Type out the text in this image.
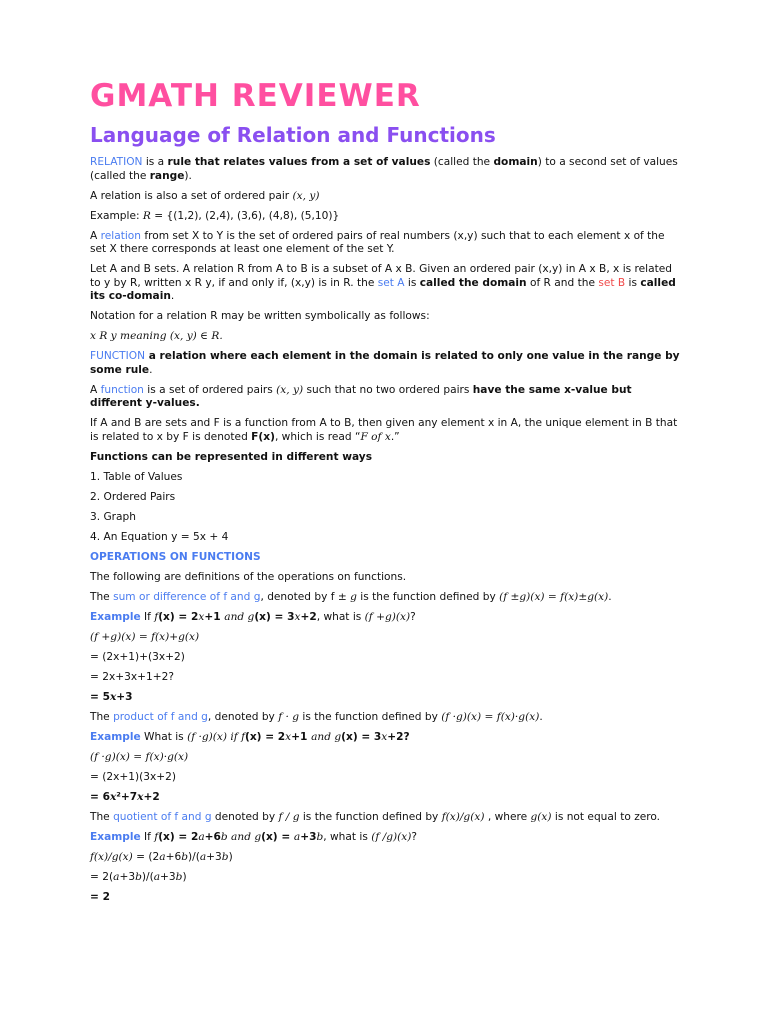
GMATH REVIEWER
Language of Relation and Functions

RELATION is a rule that relates values from a set of values (called the domain) to a second set of values (called the range).

A relation is also a set of ordered pair (x, y)

Example: R = {(1,2), (2,4), (3,6), (4,8), (5,10)}

A relation from set X to Y is the set of ordered pairs of real numbers (x,y) such that to each element x of the set X there corresponds at least one element of the set Y.

Let A and B sets. A relation R from A to B is a subset of A x B. Given an ordered pair (x,y) in A x B, x is related to y by R, written x R y, if and only if, (x,y) is in R. the set A is called the domain of R and the set B is called its co-domain.

Notation for a relation R may be written symbolically as follows:

x R y meaning (x, y) ∈ R.

FUNCTION a relation where each element in the domain is related to only one value in the range by some rule.

A function is a set of ordered pairs (x, y) such that no two ordered pairs have the same x-value but different y-values.

If A and B are sets and F is a function from A to B, then given any element x in A, the unique element in B that is related to x by F is denoted F(x), which is read “F of x.”

Functions can be represented in different ways

1. Table of Values

2. Ordered Pairs

3. Graph

4. An Equation y = 5x + 4

OPERATIONS ON FUNCTIONS

The following are definitions of the operations on functions.

The sum or difference of f and g, denoted by f ± g is the function defined by (f ±g)(x) = f(x)±g(x).

Example If f(x) = 2x+1 and g(x) = 3x+2, what is (f +g)(x)?

(f +g)(x) = f(x)+g(x)

= (2x+1)+(3x+2)

= 2x+3x+1+2?

= 5x+3

The product of f and g, denoted by f · g is the function defined by (f ·g)(x) = f(x)·g(x).

Example What is (f ·g)(x) if f(x) = 2x+1 and g(x) = 3x+2?

(f ·g)(x) = f(x)·g(x)

= (2x+1)(3x+2)

= 6x²+7x+2

The quotient of f and g denoted by f / g is the function defined by f(x)/g(x) , where g(x) is not equal to zero.

Example If f(x) = 2a+6b and g(x) = a+3b, what is (f /g)(x)?

f(x)/g(x) = (2a+6b)/(a+3b)

= 2(a+3b)/(a+3b)

= 2
